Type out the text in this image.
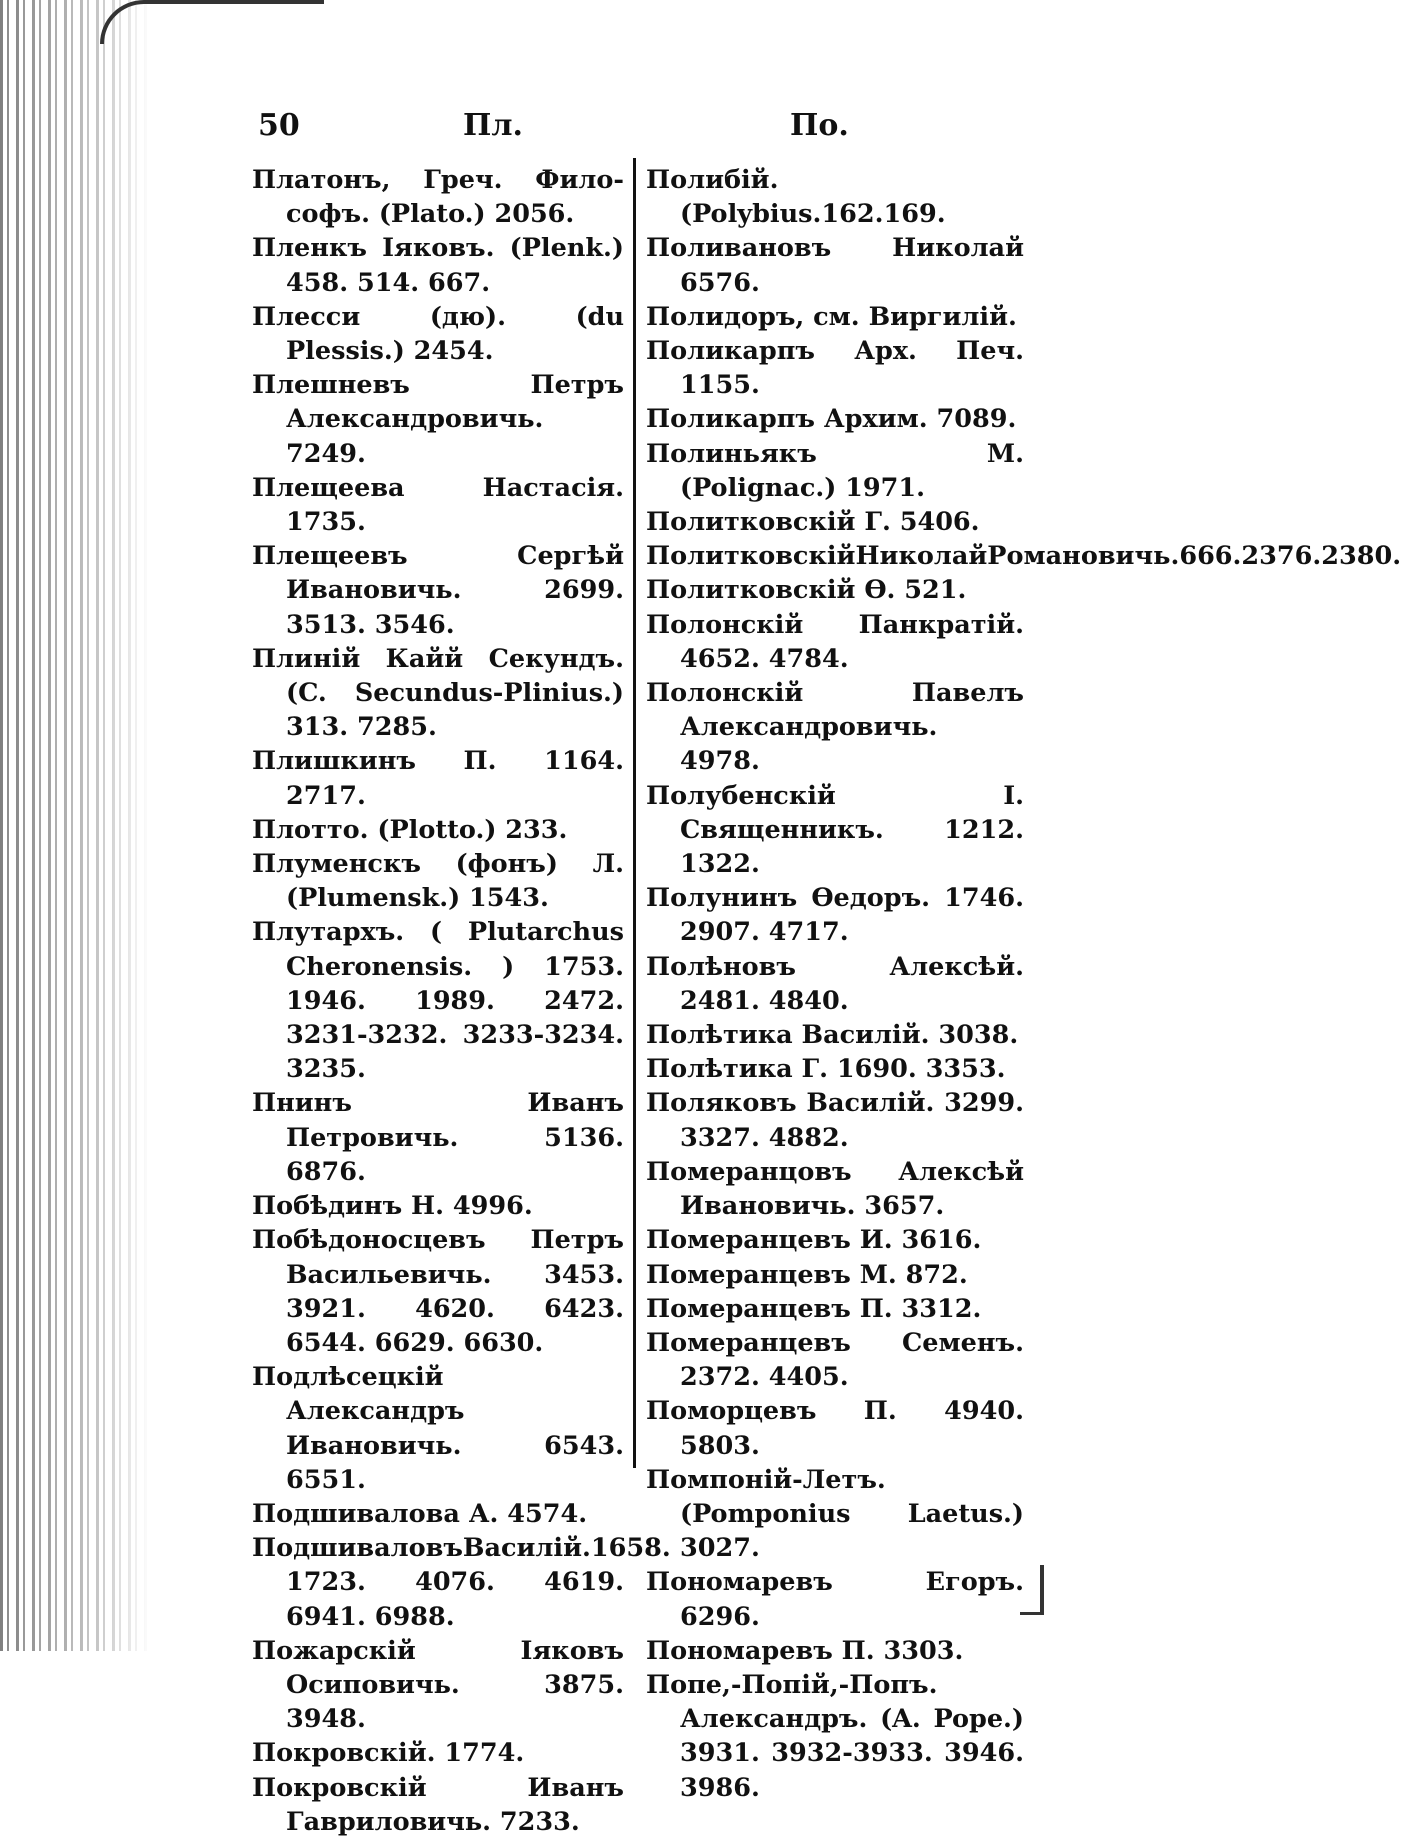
50	Пл.	По.

Платонъ, Греч. Фило-софъ. (Plato.) 2056.

Пленкъ Іяковъ. (Plenk.) 458. 514. 667.

Плесси (дю). (du Plessis.) 2454.

Плешневъ Петръ Александровичь. 7249.

Плещеева Настасія. 1735.

Плещеевъ Сергѣй Ивановичь. 2699. 3513. 3546.

Плиній Кайй Секундъ. (C. Secundus-Plinius.) 313. 7285.

Плишкинъ П. 1164. 2717.

Плотто. (Plotto.) 233.

Плуменскъ (фонъ) Л. (Plumensk.) 1543.

Плутархъ. ( Plutarchus Cheronensis. ) 1753. 1946. 1989. 2472. 3231-3232. 3233-3234. 3235.

Пнинъ Иванъ Петровичь. 5136. 6876.

Побѣдинъ Н. 4996.

Побѣдоносцевъ Петръ Васильевичь. 3453. 3921. 4620. 6423. 6544. 6629. 6630.

Подлѣсецкій Александръ Ивановичь. 6543. 6551.

Подшивалова А. 4574.

ПодшиваловъВасилій.1658. 1723. 4076. 4619. 6941. 6988.

Пожарскій Іяковъ Осиповичь. 3875. 3948.

Покровскій. 1774.

Покровскій Иванъ Гавриловичь. 7233.

Полибій.(Polybius.162.169.

Поливановъ Николай 6576.

Полидоръ, см. Виргилій.

Поликарпъ Арх. Печ. 1155.

Поликарпъ Архим. 7089.

Полиньякъ М. (Polignac.) 1971.

Политковскій Г. 5406.

ПолитковскійНиколайРомановичь.666.2376.2380.

Политковскій Ѳ. 521.

Полонскій Панкратій. 4652. 4784.

Полонскій Павелъ Александровичь. 4978.

Полубенскій І. Священникъ. 1212. 1322.

Полунинъ Ѳедоръ. 1746. 2907. 4717.

Полѣновъ Алексѣй. 2481. 4840.

Полѣтика Василій. 3038.

Полѣтика Г. 1690. 3353.

Поляковъ Василій. 3299. 3327. 4882.

Померанцовъ Алексѣй Ивановичь. 3657.

Померанцевъ И. 3616.

Померанцевъ М. 872.

Померанцевъ П. 3312.

Померанцевъ Семенъ. 2372. 4405.

Поморцевъ П. 4940. 5803.

Помпоній-Летъ. (Pomponius Laetus.) 3027.

Пономаревъ Егоръ. 6296.

Пономаревъ П. 3303.

Попе,-Попій,-Попъ. Александръ. (A. Pope.) 3931. 3932-3933. 3946. 3986.
